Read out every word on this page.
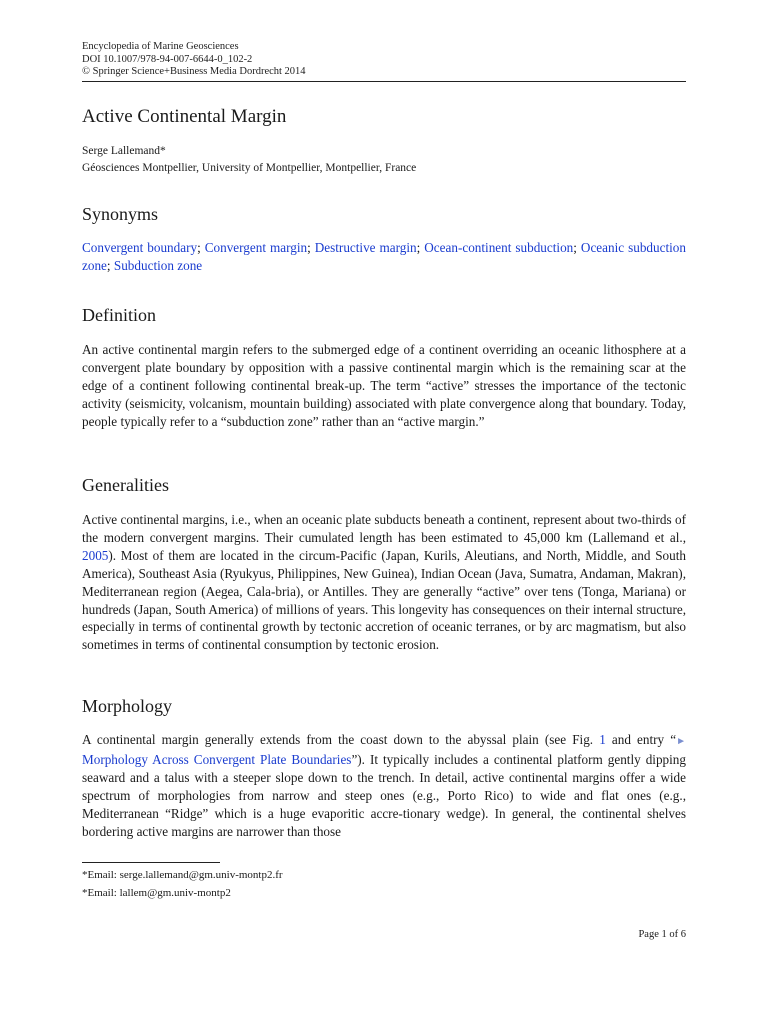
Encyclopedia of Marine Geosciences
DOI 10.1007/978-94-007-6644-0_102-2
© Springer Science+Business Media Dordrecht 2014
Active Continental Margin
Serge Lallemand*
Géosciences Montpellier, University of Montpellier, Montpellier, France
Synonyms

Convergent boundary; Convergent margin; Destructive margin; Ocean-continent subduction; Oceanic subduction zone; Subduction zone

Definition

An active continental margin refers to the submerged edge of a continent overriding an oceanic lithosphere at a convergent plate boundary by opposition with a passive continental margin which is the remaining scar at the edge of a continent following continental break-up. The term “active” stresses the importance of the tectonic activity (seismicity, volcanism, mountain building) associated with plate convergence along that boundary. Today, people typically refer to a “subduction zone” rather than an “active margin.”

Generalities

Active continental margins, i.e., when an oceanic plate subducts beneath a continent, represent about two-thirds of the modern convergent margins. Their cumulated length has been estimated to 45,000 km (Lallemand et al., 2005). Most of them are located in the circum-Pacific (Japan, Kurils, Aleutians, and North, Middle, and South America), Southeast Asia (Ryukyus, Philippines, New Guinea), Indian Ocean (Java, Sumatra, Andaman, Makran), Mediterranean region (Aegea, Cala-bria), or Antilles. They are generally “active” over tens (Tonga, Mariana) or hundreds (Japan, South America) of millions of years. This longevity has consequences on their internal structure, especially in terms of continental growth by tectonic accretion of oceanic terranes, or by arc magmatism, but also sometimes in terms of continental consumption by tectonic erosion.

Morphology

A continental margin generally extends from the coast down to the abyssal plain (see Fig. 1 and entry “► Morphology Across Convergent Plate Boundaries”). It typically includes a continental platform gently dipping seaward and a talus with a steeper slope down to the trench. In detail, active continental margins offer a wide spectrum of morphologies from narrow and steep ones (e.g., Porto Rico) to wide and flat ones (e.g., Mediterranean “Ridge” which is a huge evaporitic accre-tionary wedge). In general, the continental shelves bordering active margins are narrower than those

*Email: serge.lallemand@gm.univ-montp2.fr
*Email: lallem@gm.univ-montp2
Page 1 of 6
